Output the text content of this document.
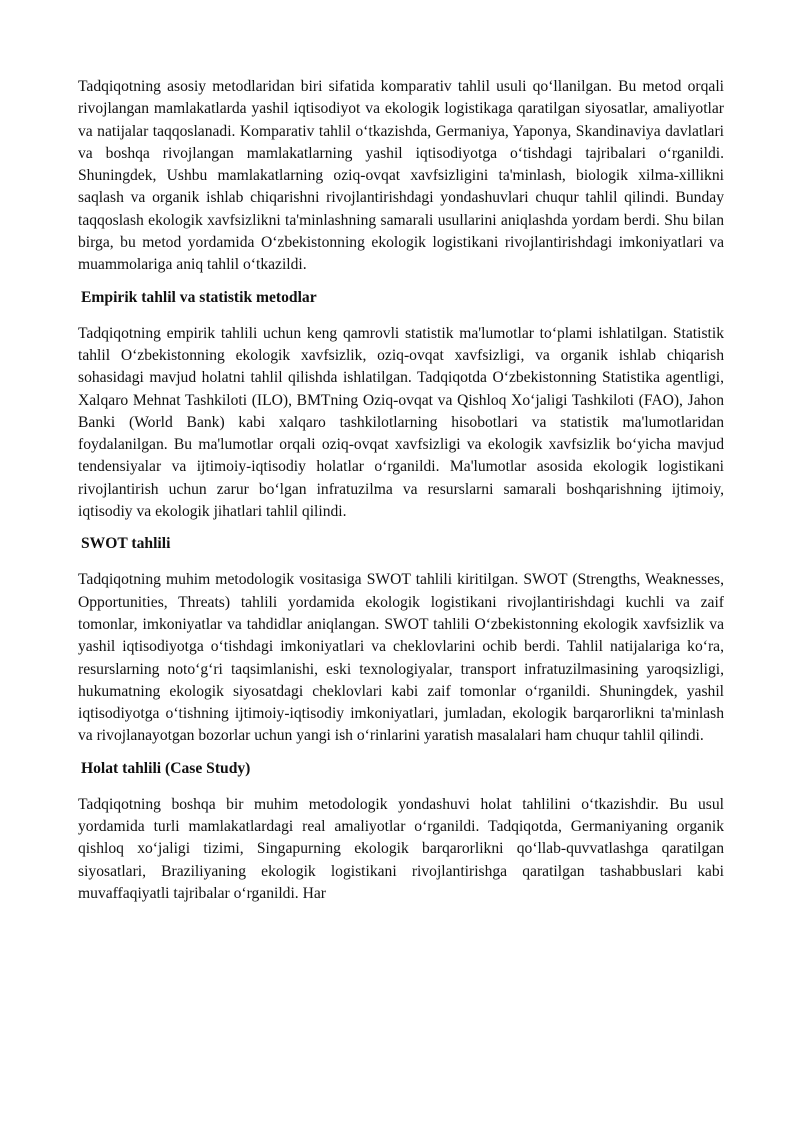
Tadqiqotning asosiy metodlaridan biri sifatida komparativ tahlil usuli qo‘llanilgan. Bu metod orqali rivojlangan mamlakatlarda yashil iqtisodiyot va ekologik logistikaga qaratilgan siyosatlar, amaliyotlar va natijalar taqqoslanadi. Komparativ tahlil o‘tkazishda, Germaniya, Yaponya, Skandinaviya davlatlari va boshqa rivojlangan mamlakatlarning yashil iqtisodiyotga o‘tishdagi tajribalari o‘rganildi. Shuningdek, Ushbu mamlakatlarning oziq-ovqat xavfsizligini ta'minlash, biologik xilma-xillikni saqlash va organik ishlab chiqarishni rivojlantirishdagi yondashuvlari chuqur tahlil qilindi. Bunday taqqoslash ekologik xavfsizlikni ta'minlashning samarali usullarini aniqlashda yordam berdi. Shu bilan birga, bu metod yordamida O‘zbekistonning ekologik logistikani rivojlantirishdagi imkoniyatlari va muammolariga aniq tahlil o‘tkazildi.

Empirik tahlil va statistik metodlar

Tadqiqotning empirik tahlili uchun keng qamrovli statistik ma'lumotlar to‘plami ishlatilgan. Statistik tahlil O‘zbekistonning ekologik xavfsizlik, oziq-ovqat xavfsizligi, va organik ishlab chiqarish sohasidagi mavjud holatni tahlil qilishda ishlatilgan. Tadqiqotda O‘zbekistonning Statistika agentligi, Xalqaro Mehnat Tashkiloti (ILO), BMTning Oziq-ovqat va Qishloq Xo‘jaligi Tashkiloti (FAO), Jahon Banki (World Bank) kabi xalqaro tashkilotlarning hisobotlari va statistik ma'lumotlaridan foydalanilgan. Bu ma'lumotlar orqali oziq-ovqat xavfsizligi va ekologik xavfsizlik bo‘yicha mavjud tendensiyalar va ijtimoiy-iqtisodiy holatlar o‘rganildi. Ma'lumotlar asosida ekologik logistikani rivojlantirish uchun zarur bo‘lgan infratuzilma va resurslarni samarali boshqarishning ijtimoiy, iqtisodiy va ekologik jihatlari tahlil qilindi.

SWOT tahlili

Tadqiqotning muhim metodologik vositasiga SWOT tahlili kiritilgan. SWOT (Strengths, Weaknesses, Opportunities, Threats) tahlili yordamida ekologik logistikani rivojlantirishdagi kuchli va zaif tomonlar, imkoniyatlar va tahdidlar aniqlangan. SWOT tahlili O‘zbekistonning ekologik xavfsizlik va yashil iqtisodiyotga o‘tishdagi imkoniyatlari va cheklovlarini ochib berdi. Tahlil natijalariga ko‘ra, resurslarning noto‘g‘ri taqsimlanishi, eski texnologiyalar, transport infratuzilmasining yaroqsizligi, hukumatning ekologik siyosatdagi cheklovlari kabi zaif tomonlar o‘rganildi. Shuningdek, yashil iqtisodiyotga o‘tishning ijtimoiy-iqtisodiy imkoniyatlari, jumladan, ekologik barqarorlikni ta'minlash va rivojlanayotgan bozorlar uchun yangi ish o‘rinlarini yaratish masalalari ham chuqur tahlil qilindi.

Holat tahlili (Case Study)

Tadqiqotning boshqa bir muhim metodologik yondashuvi holat tahlilini o‘tkazishdir. Bu usul yordamida turli mamlakatlardagi real amaliyotlar o‘rganildi. Tadqiqotda, Germaniyaning organik qishloq xo‘jaligi tizimi, Singapurning ekologik barqarorlikni qo‘llab-quvvatlashga qaratilgan siyosatlari, Braziliyaning ekologik logistikani rivojlantirishga qaratilgan tashabbuslari kabi muvaffaqiyatli tajribalar o‘rganildi. Har
